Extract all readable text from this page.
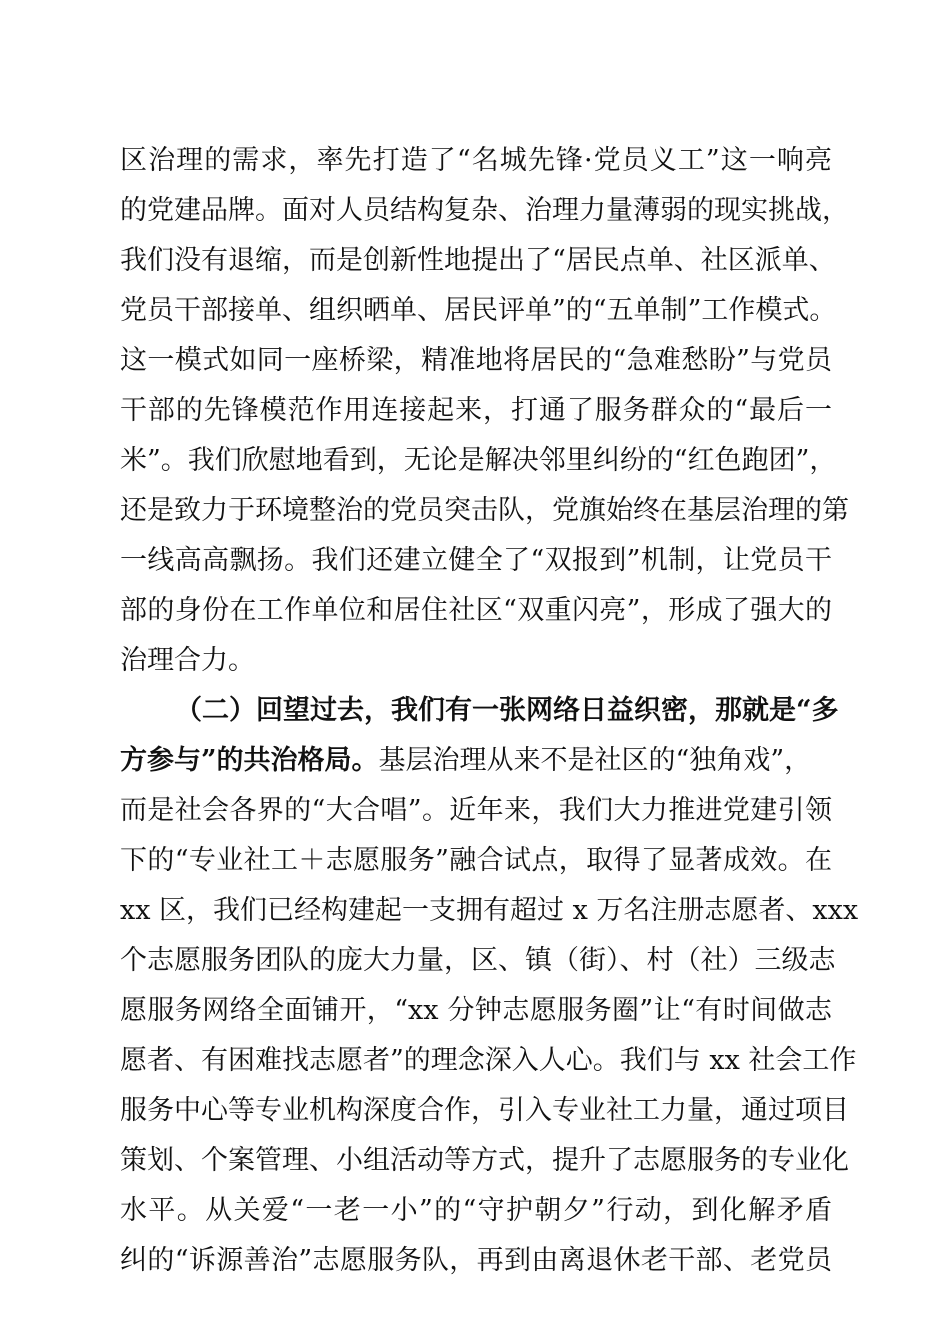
区治理的需求，率先打造了“名城先锋·党员义工”这一响亮
的党建品牌。面对人员结构复杂、治理力量薄弱的现实挑战，
我们没有退缩，而是创新性地提出了“居民点单、社区派单、
党员干部接单、组织晒单、居民评单”的“五单制”工作模式。
这一模式如同一座桥梁，精准地将居民的“急难愁盼”与党员
干部的先锋模范作用连接起来，打通了服务群众的“最后一
米”。我们欣慰地看到，无论是解决邻里纠纷的“红色跑团”，
还是致力于环境整治的党员突击队，党旗始终在基层治理的第
一线高高飘扬。我们还建立健全了“双报到”机制，让党员干
部的身份在工作单位和居住社区“双重闪亮”，形成了强大的
治理合力。
（二）回望过去，我们有一张网络日益织密，那就是“多
方参与”的共治格局。基层治理从来不是社区的“独角戏”，
而是社会各界的“大合唱”。近年来，我们大力推进党建引领
下的“专业社工＋志愿服务”融合试点，取得了显著成效。在
xx 区，我们已经构建起一支拥有超过 x 万名注册志愿者、xxx
个志愿服务团队的庞大力量，区、镇（街）、村（社）三级志
愿服务网络全面铺开，“xx 分钟志愿服务圈”让“有时间做志
愿者、有困难找志愿者”的理念深入人心。我们与 xx 社会工作
服务中心等专业机构深度合作，引入专业社工力量，通过项目
策划、个案管理、小组活动等方式，提升了志愿服务的专业化
水平。从关爱“一老一小”的“守护朝夕”行动，到化解矛盾
纠的“诉源善治”志愿服务队，再到由离退休老干部、老党员
